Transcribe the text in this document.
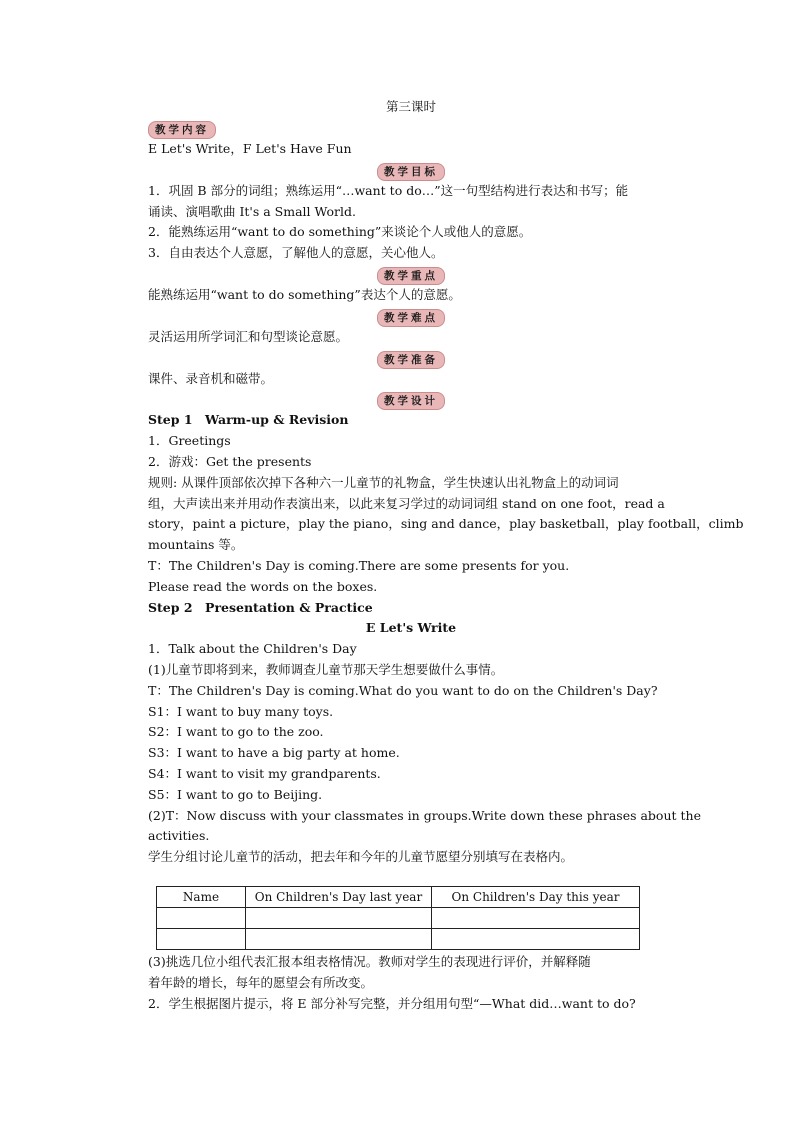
第三课时
教学内容
E Let's Write，F Let's Have Fun
教学目标
1．巩固 B 部分的词组；熟练运用“…want to do…”这一句型结构进行表达和书写；能
诵读、演唱歌曲 It's a Small World.
2．能熟练运用“want to do something”来谈论个人或他人的意愿。
3．自由表达个人意愿，了解他人的意愿，关心他人。
教学重点
能熟练运用“want to do something”表达个人的意愿。
教学难点
灵活运用所学词汇和句型谈论意愿。
教学准备
课件、录音机和磁带。
教学设计
Step 1　Warm-up & Revision
1．Greetings
2．游戏：Get the presents
规则: 从课件顶部依次掉下各种六一儿童节的礼物盒，学生快速认出礼物盒上的动词词
组，大声读出来并用动作表演出来，以此来复习学过的动词词组 stand on one foot，read a
story，paint a picture，play the piano，sing and dance，play basketball，play football，climb
mountains 等。
T：The Children's Day is coming.There are some presents for you.
Please read the words on the boxes.
Step 2　Presentation & Practice
E Let's Write
1．Talk about the Children's Day
(1)儿童节即将到来，教师调查儿童节那天学生想要做什么事情。
T：The Children's Day is coming.What do you want to do on the Children's Day?
S1：I want to buy many toys.
S2：I want to go to the zoo.
S3：I want to have a big party at home.
S4：I want to visit my grandparents.
S5：I want to go to Beijing.
(2)T：Now discuss with your classmates in groups.Write down these phrases about the
activities.
学生分组讨论儿童节的活动，把去年和今年的儿童节愿望分别填写在表格内。
Name	On Children's Day last year	On Children's Day this year

(3)挑选几位小组代表汇报本组表格情况。教师对学生的表现进行评价，并解释随
着年龄的增长，每年的愿望会有所改变。
2．学生根据图片提示，将 E 部分补写完整，并分组用句型“—What did…want to do?
